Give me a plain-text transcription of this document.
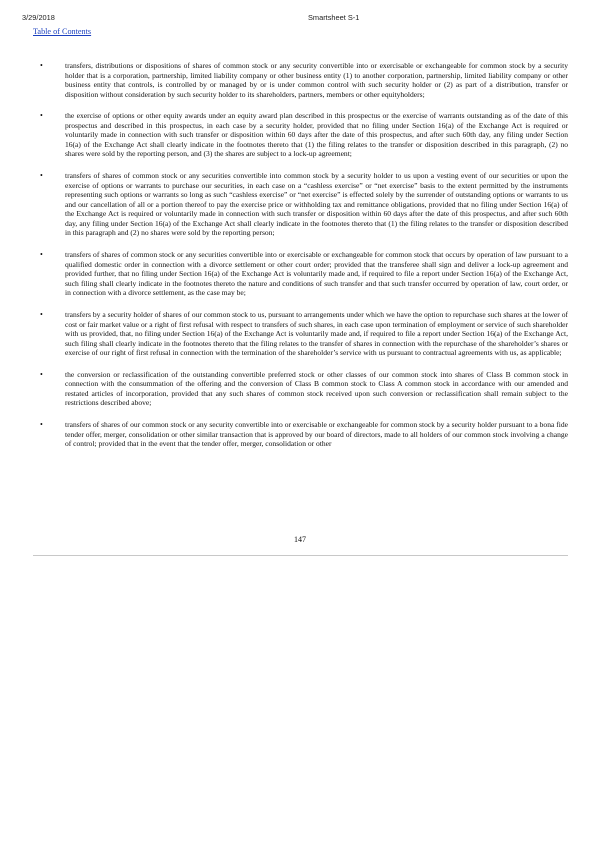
3/29/2018	Smartsheet S-1
Table of Contents
•	transfers, distributions or dispositions of shares of common stock or any security convertible into or exercisable or exchangeable for common stock by a security holder that is a corporation, partnership, limited liability company or other business entity (1) to another corporation, partnership, limited liability company or other business entity that controls, is controlled by or managed by or is under common control with such security holder or (2) as part of a distribution, transfer or disposition without consideration by such security holder to its shareholders, partners, members or other equityholders;
•	the exercise of options or other equity awards under an equity award plan described in this prospectus or the exercise of warrants outstanding as of the date of this prospectus and described in this prospectus, in each case by a security holder, provided that no filing under Section 16(a) of the Exchange Act is required or voluntarily made in connection with such transfer or disposition within 60 days after the date of this prospectus, and after such 60th day, any filing under Section 16(a) of the Exchange Act shall clearly indicate in the footnotes thereto that (1) the filing relates to the transfer or disposition described in this paragraph, (2) no shares were sold by the reporting person, and (3) the shares are subject to a lock-up agreement;
•	transfers of shares of common stock or any securities convertible into common stock by a security holder to us upon a vesting event of our securities or upon the exercise of options or warrants to purchase our securities, in each case on a “cashless exercise” or “net exercise” basis to the extent permitted by the instruments representing such options or warrants so long as such “cashless exercise” or “net exercise” is effected solely by the surrender of outstanding options or warrants to us and our cancellation of all or a portion thereof to pay the exercise price or withholding tax and remittance obligations, provided that no filing under Section 16(a) of the Exchange Act is required or voluntarily made in connection with such transfer or disposition within 60 days after the date of this prospectus, and after such 60th day, any filing under Section 16(a) of the Exchange Act shall clearly indicate in the footnotes thereto that (1) the filing relates to the transfer or disposition described in this paragraph and (2) no shares were sold by the reporting person;
•	transfers of shares of common stock or any securities convertible into or exercisable or exchangeable for common stock that occurs by operation of law pursuant to a qualified domestic order in connection with a divorce settlement or other court order; provided that the transferee shall sign and deliver a lock-up agreement and provided further, that no filing under Section 16(a) of the Exchange Act is voluntarily made and, if required to file a report under Section 16(a) of the Exchange Act, such filing shall clearly indicate in the footnotes thereto the nature and conditions of such transfer and that such transfer occurred by operation of law, court order, or in connection with a divorce settlement, as the case may be;
•	transfers by a security holder of shares of our common stock to us, pursuant to arrangements under which we have the option to repurchase such shares at the lower of cost or fair market value or a right of first refusal with respect to transfers of such shares, in each case upon termination of employment or service of such shareholder with us provided, that, no filing under Section 16(a) of the Exchange Act is voluntarily made and, if required to file a report under Section 16(a) of the Exchange Act, such filing shall clearly indicate in the footnotes thereto that the filing relates to the transfer of shares in connection with the repurchase of the shareholder’s shares or exercise of our right of first refusal in connection with the termination of the shareholder’s service with us pursuant to contractual agreements with us, as applicable;
•	the conversion or reclassification of the outstanding convertible preferred stock or other classes of our common stock into shares of Class B common stock in connection with the consummation of the offering and the conversion of Class B common stock to Class A common stock in accordance with our amended and restated articles of incorporation, provided that any such shares of common stock received upon such conversion or reclassification shall remain subject to the restrictions described above;
•	transfers of shares of our common stock or any security convertible into or exercisable or exchangeable for common stock by a security holder pursuant to a bona fide tender offer, merger, consolidation or other similar transaction that is approved by our board of directors, made to all holders of our common stock involving a change of control; provided that in the event that the tender offer, merger, consolidation or other
147
